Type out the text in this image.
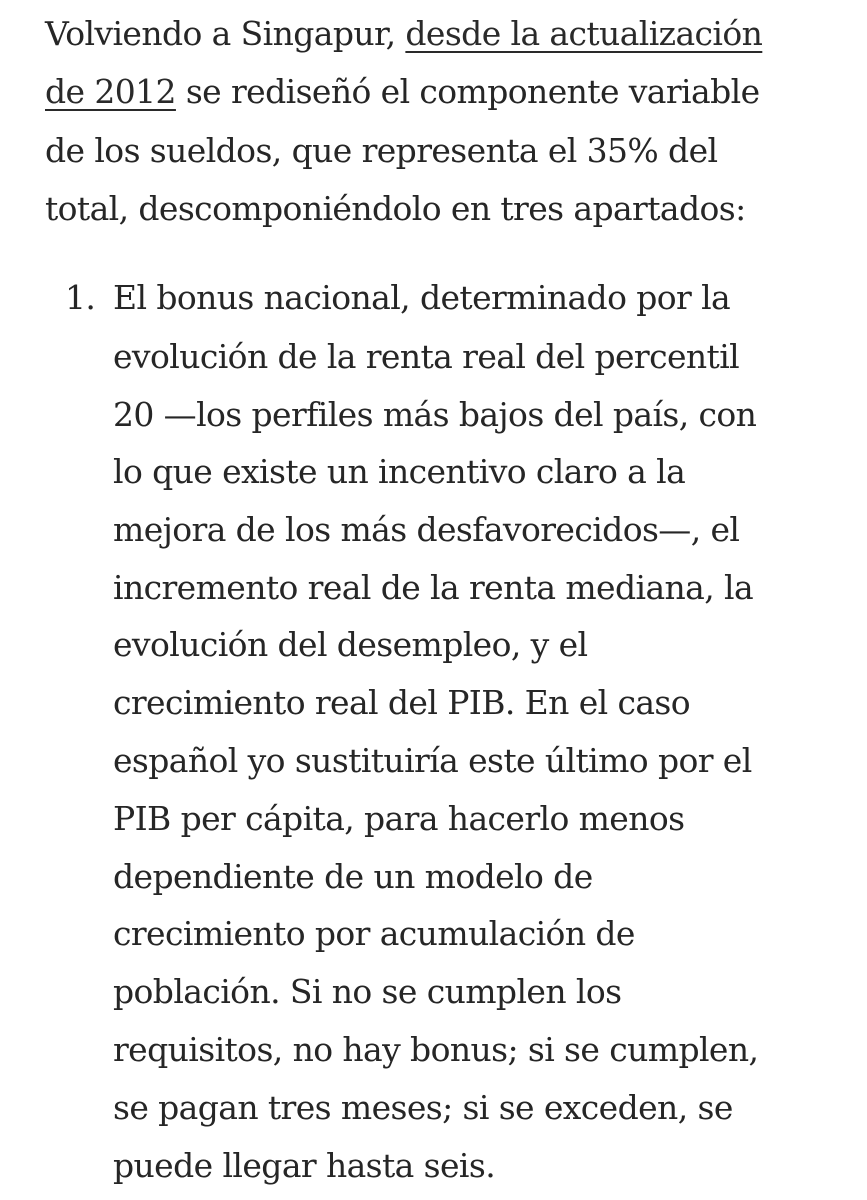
Volviendo a Singapur, desde la actualización
de 2012 se rediseñó el componente variable
de los sueldos, que representa el 35% del
total, descomponiéndolo en tres apartados:
1. El bonus nacional, determinado por la
evolución de la renta real del percentil
20 —los perfiles más bajos del país, con
lo que existe un incentivo claro a la
mejora de los más desfavorecidos—, el
incremento real de la renta mediana, la
evolución del desempleo, y el
crecimiento real del PIB. En el caso
español yo sustituiría este último por el
PIB per cápita, para hacerlo menos
dependiente de un modelo de
crecimiento por acumulación de
población. Si no se cumplen los
requisitos, no hay bonus; si se cumplen,
se pagan tres meses; si se exceden, se
puede llegar hasta seis.
